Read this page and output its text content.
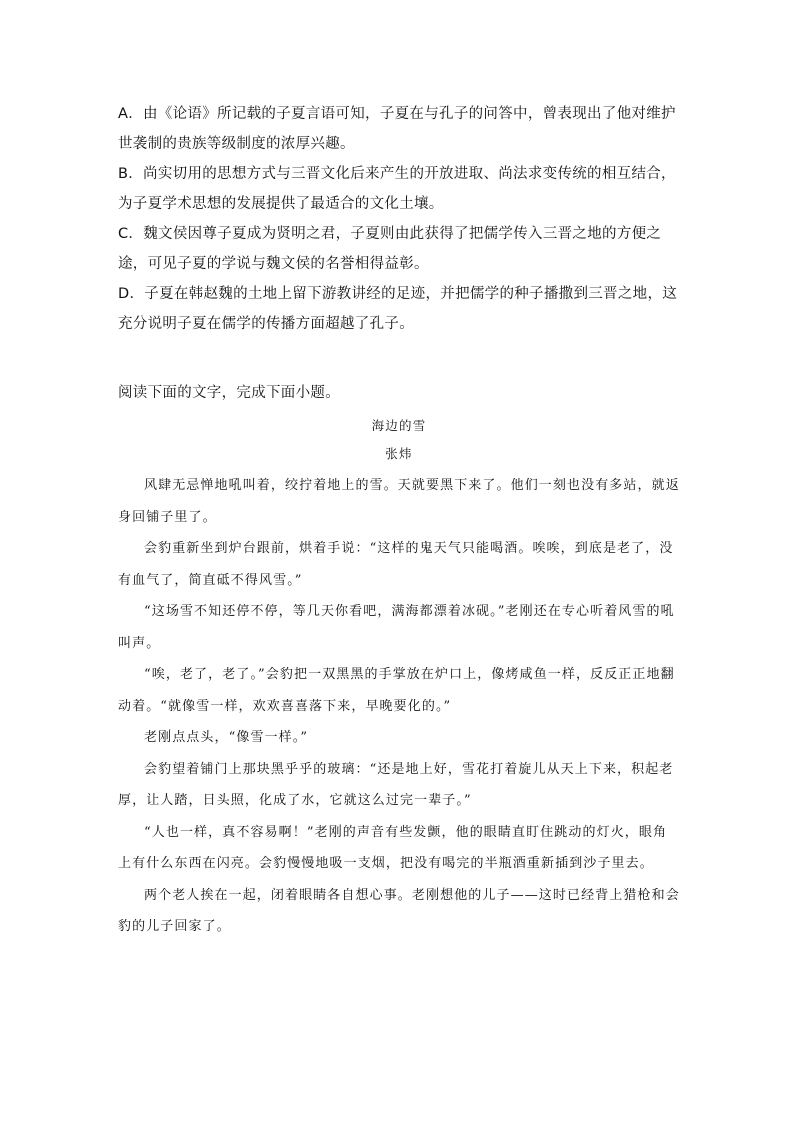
A．由《论语》所记载的子夏言语可知，子夏在与孔子的问答中，曾表现出了他对维护世袭制的贵族等级制度的浓厚兴趣。

B．尚实切用的思想方式与三晋文化后来产生的开放进取、尚法求变传统的相互结合，为子夏学术思想的发展提供了最适合的文化土壤。

C．魏文侯因尊子夏成为贤明之君，子夏则由此获得了把儒学传入三晋之地的方便之途，可见子夏的学说与魏文侯的名誉相得益彰。

D．子夏在韩赵魏的土地上留下游教讲经的足迹，并把儒学的种子播撒到三晋之地，这充分说明子夏在儒学的传播方面超越了孔子。

阅读下面的文字，完成下面小题。

海边的雪

张炜

风肆无忌惮地吼叫着，绞拧着地上的雪。天就要黑下来了。他们一刻也没有多站，就返身回铺子里了。

会豹重新坐到炉台跟前，烘着手说：“这样的鬼天气只能喝酒。唉唉，到底是老了，没有血气了，简直砥不得风雪。”

“这场雪不知还停不停，等几天你看吧，满海都漂着冰砚。”老刚还在专心听着风雪的吼叫声。

“唉，老了，老了。”会豹把一双黑黑的手掌放在炉口上，像烤咸鱼一样，反反正正地翻动着。“就像雪一样，欢欢喜喜落下来，早晚要化的。”

老刚点点头，“像雪一样。”

会豹望着铺门上那块黑乎乎的玻璃：“还是地上好，雪花打着旋儿从天上下来，积起老厚，让人踏，日头照，化成了水，它就这么过完一辈子。”

“人也一样，真不容易啊！”老刚的声音有些发颤，他的眼睛直盯住跳动的灯火，眼角上有什么东西在闪亮。会豹慢慢地吸一支烟，把没有喝完的半瓶酒重新插到沙子里去。

两个老人挨在一起，闭着眼睛各自想心事。老刚想他的儿子——这时已经背上猎枪和会豹的儿子回家了。
